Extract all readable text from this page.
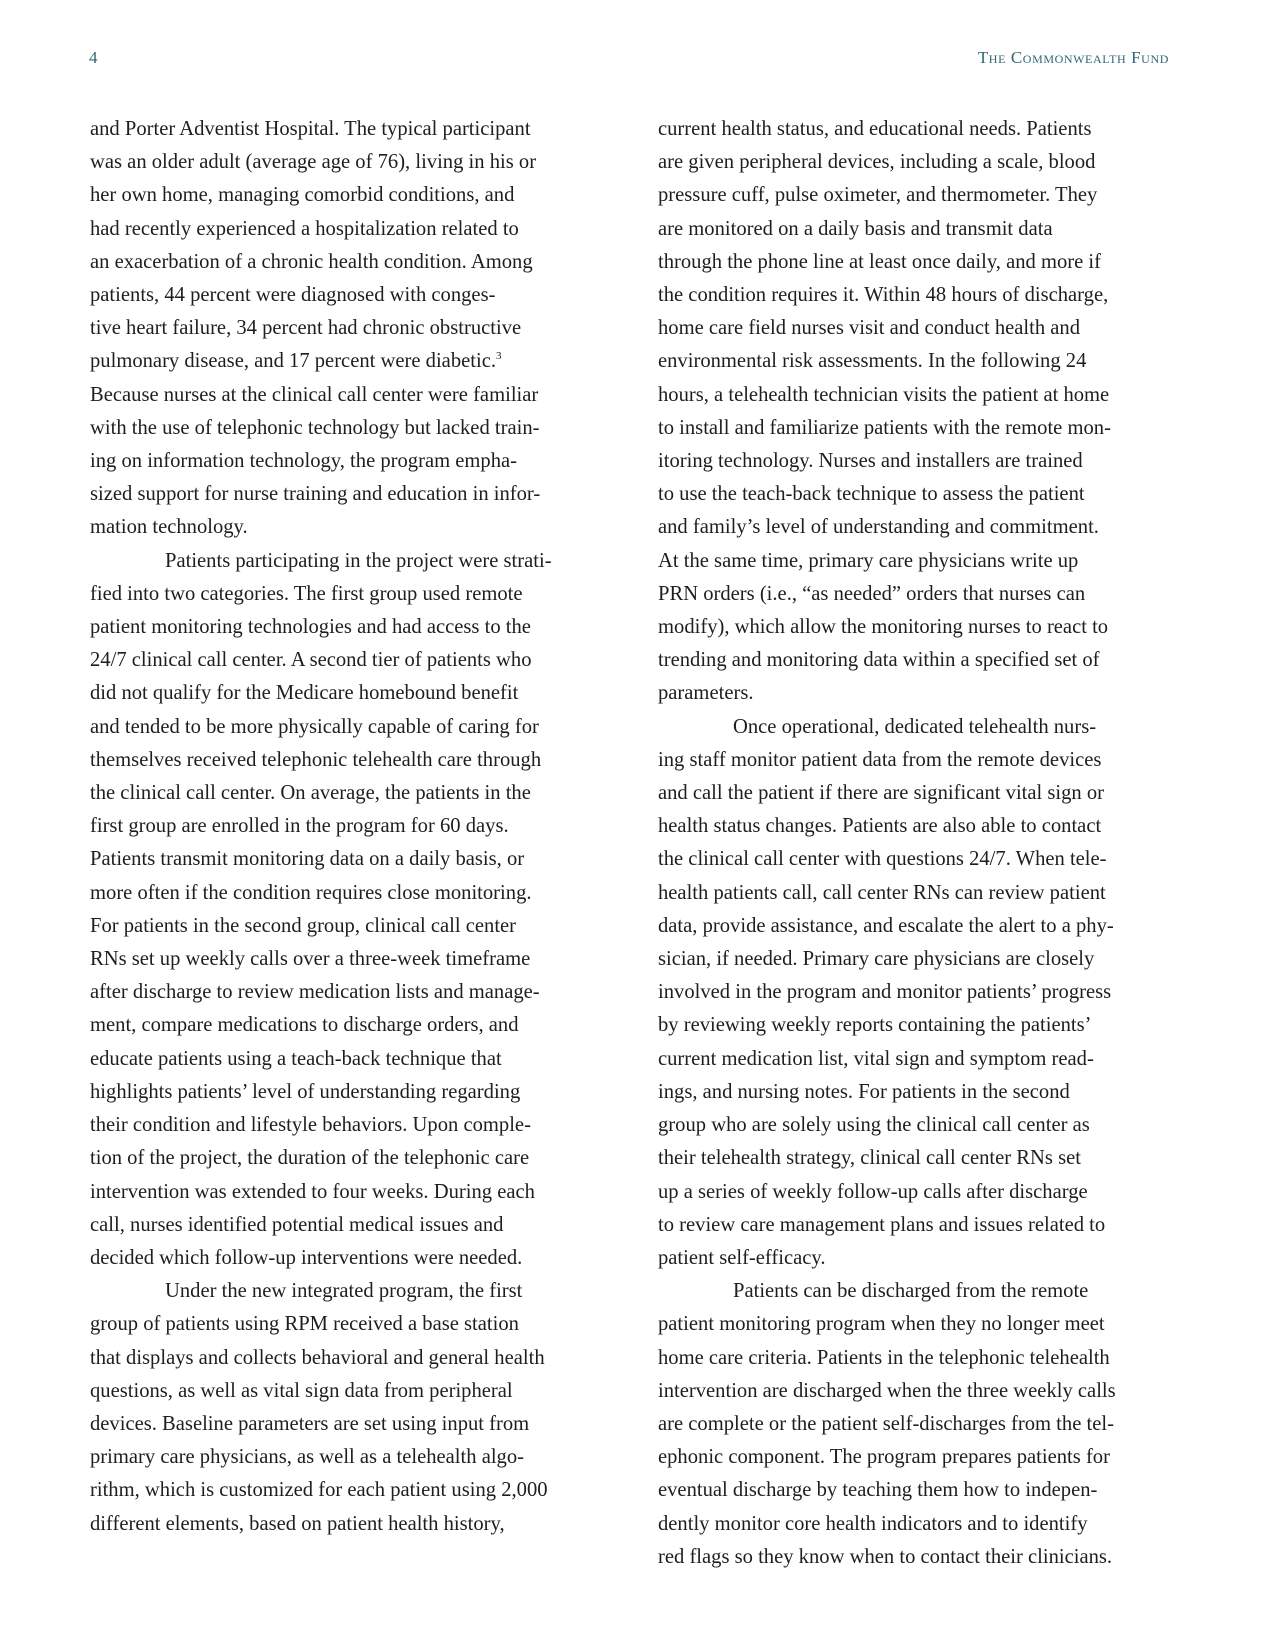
4	The Commonwealth Fund
and Porter Adventist Hospital. The typical participant
was an older adult (average age of 76), living in his or
her own home, managing comorbid conditions, and
had recently experienced a hospitalization related to
an exacerbation of a chronic health condition. Among
patients, 44 percent were diagnosed with conges-
tive heart failure, 34 percent had chronic obstructive
pulmonary disease, and 17 percent were diabetic.$^3$
Because nurses at the clinical call center were familiar
with the use of telephonic technology but lacked train-
ing on information technology, the program empha-
sized support for nurse training and education in infor-
mation technology.
Patients participating in the project were strati-
fied into two categories. The first group used remote
patient monitoring technologies and had access to the
24/7 clinical call center. A second tier of patients who
did not qualify for the Medicare homebound benefit
and tended to be more physically capable of caring for
themselves received telephonic telehealth care through
the clinical call center. On average, the patients in the
first group are enrolled in the program for 60 days.
Patients transmit monitoring data on a daily basis, or
more often if the condition requires close monitoring.
For patients in the second group, clinical call center
RNs set up weekly calls over a three-week timeframe
after discharge to review medication lists and manage-
ment, compare medications to discharge orders, and
educate patients using a teach-back technique that
highlights patients’ level of understanding regarding
their condition and lifestyle behaviors. Upon comple-
tion of the project, the duration of the telephonic care
intervention was extended to four weeks. During each
call, nurses identified potential medical issues and
decided which follow-up interventions were needed.
Under the new integrated program, the first
group of patients using RPM received a base station
that displays and collects behavioral and general health
questions, as well as vital sign data from peripheral
devices. Baseline parameters are set using input from
primary care physicians, as well as a telehealth algo-
rithm, which is customized for each patient using 2,000
different elements, based on patient health history,
current health status, and educational needs. Patients
are given peripheral devices, including a scale, blood
pressure cuff, pulse oximeter, and thermometer. They
are monitored on a daily basis and transmit data
through the phone line at least once daily, and more if
the condition requires it. Within 48 hours of discharge,
home care field nurses visit and conduct health and
environmental risk assessments. In the following 24
hours, a telehealth technician visits the patient at home
to install and familiarize patients with the remote mon-
itoring technology. Nurses and installers are trained
to use the teach-back technique to assess the patient
and family’s level of understanding and commitment.
At the same time, primary care physicians write up
PRN orders (i.e., “as needed” orders that nurses can
modify), which allow the monitoring nurses to react to
trending and monitoring data within a specified set of
parameters.
Once operational, dedicated telehealth nurs-
ing staff monitor patient data from the remote devices
and call the patient if there are significant vital sign or
health status changes. Patients are also able to contact
the clinical call center with questions 24/7. When tele-
health patients call, call center RNs can review patient
data, provide assistance, and escalate the alert to a phy-
sician, if needed. Primary care physicians are closely
involved in the program and monitor patients’ progress
by reviewing weekly reports containing the patients’
current medication list, vital sign and symptom read-
ings, and nursing notes. For patients in the second
group who are solely using the clinical call center as
their telehealth strategy, clinical call center RNs set
up a series of weekly follow-up calls after discharge
to review care management plans and issues related to
patient self-efficacy.
Patients can be discharged from the remote
patient monitoring program when they no longer meet
home care criteria. Patients in the telephonic telehealth
intervention are discharged when the three weekly calls
are complete or the patient self-discharges from the tel-
ephonic component. The program prepares patients for
eventual discharge by teaching them how to indepen-
dently monitor core health indicators and to identify
red flags so they know when to contact their clinicians.
